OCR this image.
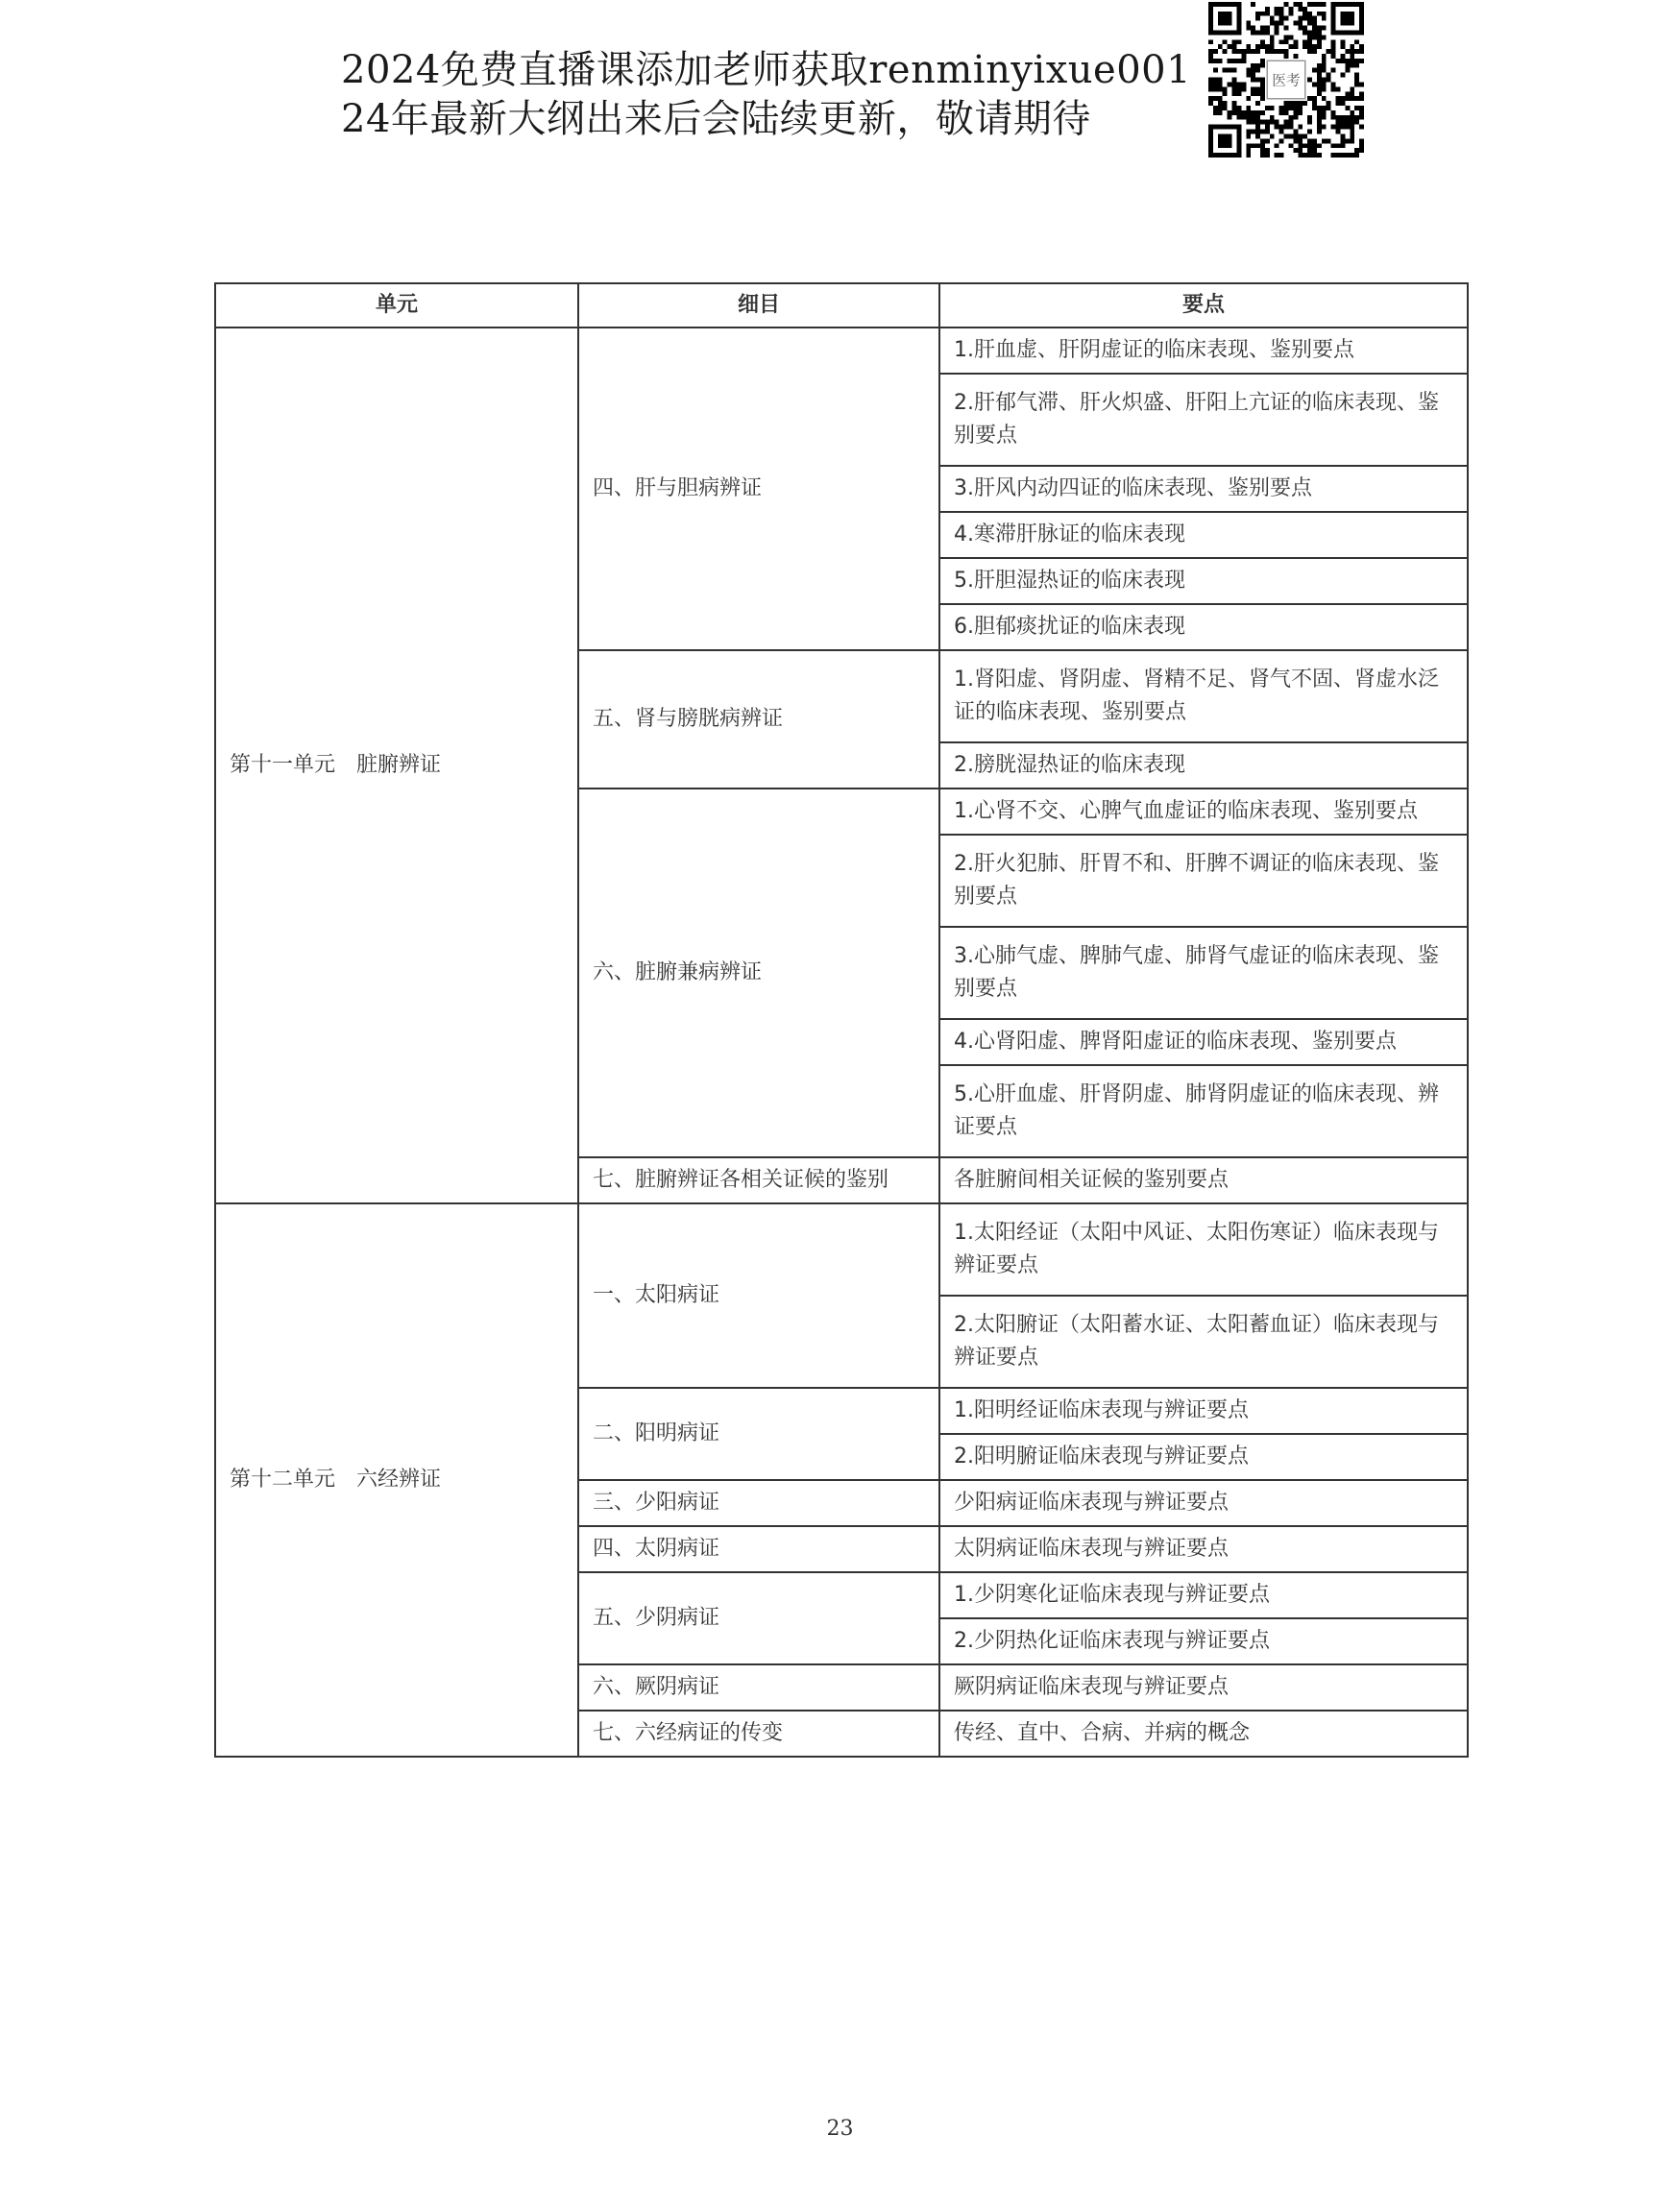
2024免费直播课添加老师获取renminyixue001
24年最新大纲出来后会陆续更新，敬请期待
医考
单元	细目	要点
第十一单元　脏腑辨证	四、肝与胆病辨证	1.肝血虚、肝阴虚证的临床表现、鉴别要点
		2.肝郁气滞、肝火炽盛、肝阳上亢证的临床表现、鉴别要点
		3.肝风内动四证的临床表现、鉴别要点
		4.寒滞肝脉证的临床表现
		5.肝胆湿热证的临床表现
		6.胆郁痰扰证的临床表现
	五、肾与膀胱病辨证	1.肾阳虚、肾阴虚、肾精不足、肾气不固、肾虚水泛证的临床表现、鉴别要点
		2.膀胱湿热证的临床表现
	六、脏腑兼病辨证	1.心肾不交、心脾气血虚证的临床表现、鉴别要点
		2.肝火犯肺、肝胃不和、肝脾不调证的临床表现、鉴别要点
		3.心肺气虚、脾肺气虚、肺肾气虚证的临床表现、鉴别要点
		4.心肾阳虚、脾肾阳虚证的临床表现、鉴别要点
		5.心肝血虚、肝肾阴虚、肺肾阴虚证的临床表现、辨证要点
	七、脏腑辨证各相关证候的鉴别	各脏腑间相关证候的鉴别要点
第十二单元　六经辨证	一、太阳病证	1.太阳经证（太阳中风证、太阳伤寒证）临床表现与辨证要点
		2.太阳腑证（太阳蓄水证、太阳蓄血证）临床表现与辨证要点
	二、阳明病证	1.阳明经证临床表现与辨证要点
		2.阳明腑证临床表现与辨证要点
	三、少阳病证	少阳病证临床表现与辨证要点
	四、太阴病证	太阴病证临床表现与辨证要点
	五、少阴病证	1.少阴寒化证临床表现与辨证要点
		2.少阴热化证临床表现与辨证要点
	六、厥阴病证	厥阴病证临床表现与辨证要点
	七、六经病证的传变	传经、直中、合病、并病的概念
23
